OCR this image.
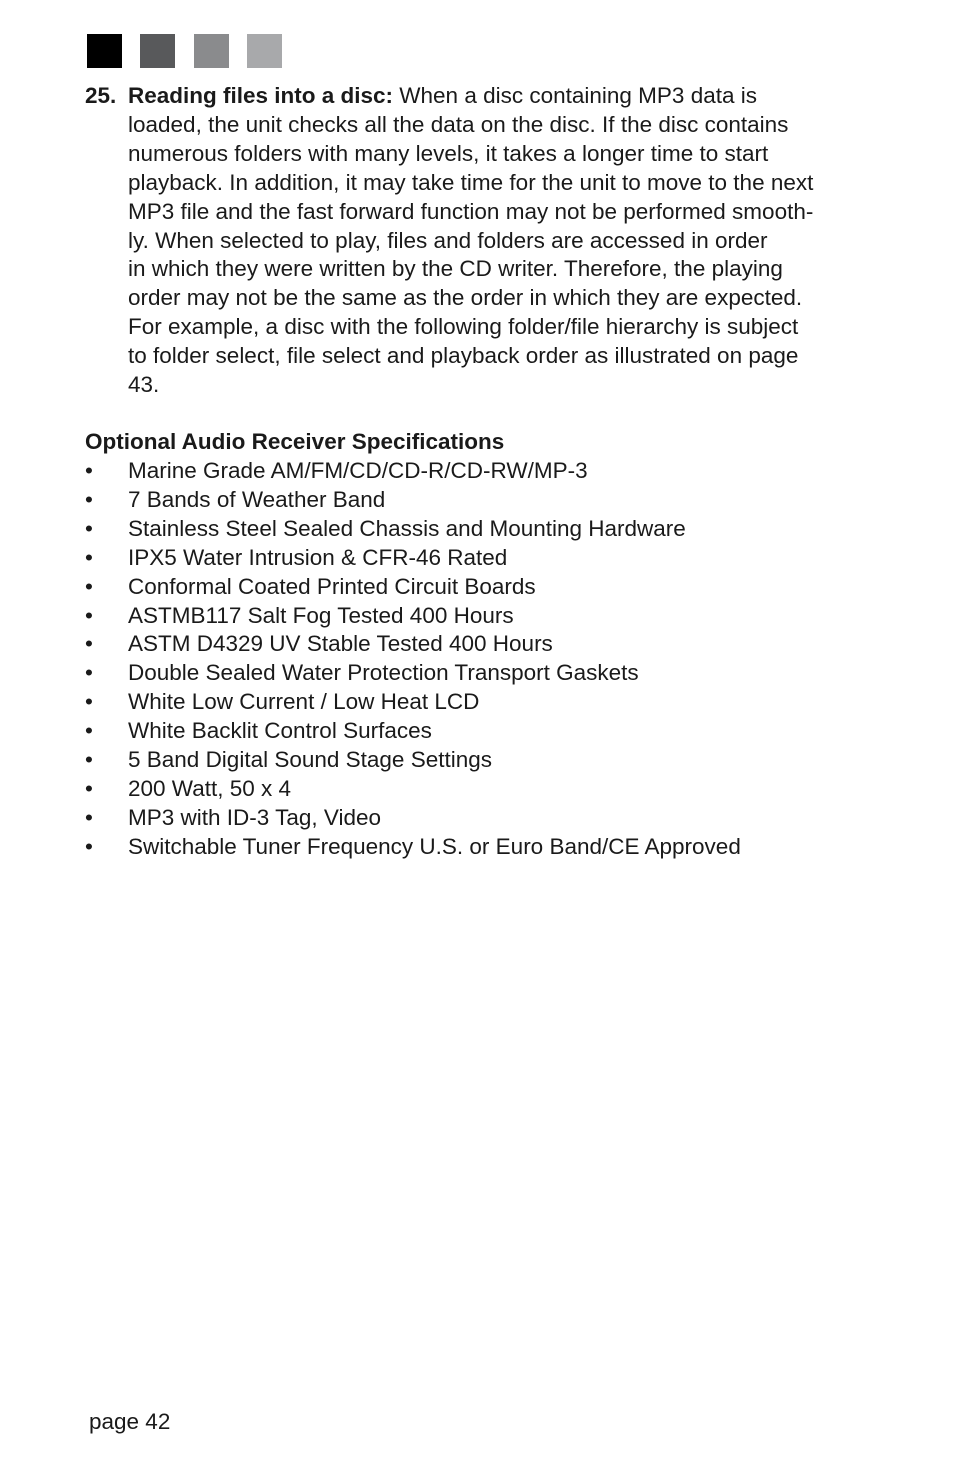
25. Reading files into a disc: When a disc containing MP3 data is
loaded, the unit checks all the data on the disc. If the disc contains
numerous folders with many levels, it takes a longer time to start
playback. In addition, it may take time for the unit to move to the next
MP3 file and the fast forward function may not be performed smooth-
ly. When selected to play, files and folders are accessed in order
in which they were written by the CD writer. Therefore, the playing
order may not be the same as the order in which they are expected.
For example, a disc with the following folder/file hierarchy is subject
to folder select, file select and playback order as illustrated on page
43.
Optional Audio Receiver Specifications
• Marine Grade AM/FM/CD/CD-R/CD-RW/MP-3
• 7 Bands of Weather Band
• Stainless Steel Sealed Chassis and Mounting Hardware
• IPX5 Water Intrusion & CFR-46 Rated
• Conformal Coated Printed Circuit Boards
• ASTMB117 Salt Fog Tested 400 Hours
• ASTM D4329 UV Stable Tested 400 Hours
• Double Sealed Water Protection Transport Gaskets
• White Low Current / Low Heat LCD
• White Backlit Control Surfaces
• 5 Band Digital Sound Stage Settings
• 200 Watt, 50 x 4
• MP3 with ID-3 Tag, Video
• Switchable Tuner Frequency U.S. or Euro Band/CE Approved
page 42
